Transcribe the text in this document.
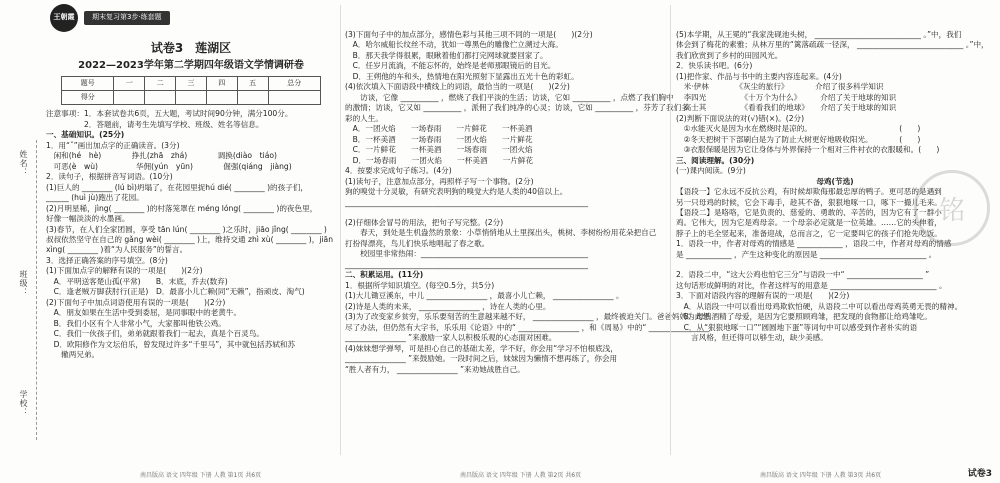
姓名：
班级：
学校：
王朝霞	期末复习第3步·练套题
试卷3　莲湖区
2022—2023学年第二学期四年级语文学情调研卷
题号	一	二	三	四	五	总分
得分						
注意事项：1．本套试卷共6页，五大题，考试时间90分钟，满分100分。
　　　　　2．答题前，请考生先填写学校、班级、姓名等信息。
一、基础知识。(25分)
1．用“ˇ”画出加点字的正确读音。(3分)
　闲和(hé　hè)　　　　挣扎(zhā　zhá)　　　　调换(diào　tiáo)
　可恶(è　wù)　　　　　华佣(yún　yūn)　　　　倔强(qiáng　jiàng)
2．读句子，根据拼音写词语。(10分)
(1)巨人的 ________ (lú bì)坍塌了，在花园里捉hú dié( ________ )的孩子们，
______ (huì jù)跑出了花园。
(2)月明星稀，jìng( ________ )的村落笼罩在 méng lóng( ________ )的夜色里，
好像一幅淡淡的水墨画。
(3)春节，在人们全家团圆，享受 tān lún( ________ )之乐时，jiāo jǐng( ________ )
叔叔依然坚守在自己的 gǎng wèi( ________ )上，维持交通 zhì xù( ________ )，jiān
xìng( ________ )着“为人民服务”的誓言。
3．选择正确答案的序号填空。(8分)
(1)下面加点字的解释有误的一项是(　　)(2分)
　A．平明送客楚山孤(平常)　　B．末底，乔去(数弃)
　C．逢老贼万脚获肘行(正是)　D．最喜小儿亡赖(同“无赖”，指顽皮、淘气)
(2)下面句子中加点词语使用有误的一项是(　　)(2分)
　A．朋友如果在生活中受到委屈，是同事眼中的老黄牛。
　B．我们小区有个人非常小气，大家都叫他铁公鸡。
　C．我们一伙孩子们，弟弟就跟着我们一起去，真是个百灵鸟。
　D．欧阳修作为文坛伯乐，曾发现过许多“千里马”，其中就包括苏轼和苏
　　辙两兄弟。
(3)下面句子中的加点部分，感情色彩与其他三项不同的一项是(　　)(2分)
　A．哈尔威船长纹丝不动，犹如一尊黑色的雕像伫立溯过大海。
　B．那天我学得很累，眼瞅着他们都打完网球就要回家了。
　C．任岁月流淌，不能忘怀的，始终是老师那眼镜后的目光。
　D．王朔他的车和头，热情地在阳光照射下显露出五光十色的彩虹。
(4)依次填入下面语段中横线上的词语，最恰当的一项是(　　)(2分)
　　访谈，它像 __________ ，燃烧了我们平淡的生活；访谈，它如 __________ ，点燃了我们胸中
的激情；访谈，它又如 __________ ，派佣了我们纯净的心灵；访谈，它如 __________ ，芬芳了我们多
彩的人生。
　A．一团火焰　　一场春雨　　一片鲜花　　一杯美酒
　B．一杯美酒　　一场春雨　　一团火焰　　一片鲜花
　C．一片鲜花　　一杯美酒　　一场春雨　　一团火焰
　D．一场春雨　　一团火焰　　一杯美酒　　一片鲜花
4．按要求完成句子练习。(4分)
(1)读句子，注意加点部分，再照样子写一个事物。(2分)
狗的嗅觉十分灵敏，有研究表明狗的嗅觉大约是人类的40倍以上。
________________________________________________________________
(2)仔细体会冒号的用法，把句子写完整。(2分)
　　春天，到处是生机盎然的景象：小草悄悄地从土里探出头，桃树、李树纷纷用花朵把自己
打扮得漂亮，鸟儿们快乐地唱起了春之歌。
　　校园里非常热闹：____________________________________________
________________________________________________________________
二、积累运用。(11分)
1．根据所学知识填空。(每空0.5分，共5分)
(1)大儿锄豆溪东，中儿 ________________ ，最喜小儿亡赖， ________________ 。
(2)诗是人类的未来， ________________ ，诗在人类的心里。
(3)为了改变家乡贫穷，乐乐要刻苦的生意越来越不好， ________________ ，最终被迫关门。爸爸妈妈为此想
尽了办法，但仍然有大字书，乐乐用《论语》中的“ ________________ ，和《周易》中的“ ________________
________________ ”来激励一家人以积极乐观的心态面对困难。
(4)妹妹想学弹琴，可是担心自己的基础太差，学不好，你会用“学习不怕根底浅，
________________ ”来鼓励她。一段时间之后，妹妹因为懒惰不想再练了，你会用
“胜人者有力， ________________ ”来劝她战胜自己。
(5)本学期，从王冕的“我家洗砚池头树， ____________________________ 。”中，我们
体会到了梅花的素雅；从林万里的“篱落疏疏一径深， ____________________________ 。”中，
我们欣赏到了乡村的田园风光。
2．快乐读书吧。(6分)
(1)把作家、作品与书中的主要内容连起来。(4分)
　米·伊林　　　　《灰尘的旅行》　　　　介绍了很多科学知识
　李四光　　　　　《十万个为什么》　　　介绍了关于地球的知识
　高士其　　　　　《看看我们的地球》　　介绍了关于地球的知识
(2)判断下面说法的对(√)错(×)。(2分)
　①水能灭火是因为水在燃烧时是凉的。　　　　　　　　　　　　(　　)
　②冬天把树干下部刷白是为了防止大树更好地吸收阳光。　　　　(　　)
　③衣服保暖是因为它让身体与外界保持一个相对三件衬衣的衣服暖和。(　　)
三、阅读理解。(30分)
(一)课内阅读。(9分)
母鸡(节选)
【语段一】它永远不反抗公鸡，有时候却欺侮那最忠厚的鸭子。更可恶的是遇到
另一只母鸡的时候，它会下毒手，趁其不备，狠狠地啄一口，啄下一撮儿毛来。
【语段二】是咯咯，它是负责的、慈爱的、勇敢的、辛苦的，因为它有了一群小
鸡。它伟大，因为它是鸡母亲。一个母亲必定就是一位英雄。……它的头伸着，
脖子上的毛全竖起来，准备迎战，总而言之，它一定要叫它的孩子们抢先吃饭。
1．语段一中，作者对母鸡的情感是 ____________ ，语段二中，作者对母鸡的情感
是 ____________ ，产生这种变化的原因是 ____________________________ 。
2．语段二中，“这大公鸡也怕它三分”与语段一中“ ____________________ ”
这句话形成鲜明的对比，作者这样写的用意是 ____________________________ 。
3．下面对语段内容的理解有误的一项是(　　)(2分)
　A．从语段一中可以看出母鸡欺软怕硬，从语段二中可以看出母鸡英勇无畏的精神。
　B．母鸡酒精了母爱，是因为它要照顾鸡雏，把发现的食物都让给鸡雏吃。
　C．从“狠狠地啄一口”“圆圆地下蛋”等词句中可以感受到作者朴实的语
　　言风格，但还得可以够生动，缺少美感。
铭
南昌版高 语文 四年级 下册 人教 第1页 共6页	南昌版高 语文 四年级 下册 人教 第2页 共6页	南昌版高 语文 四年级 下册 人教 第3页 共6页	试卷3
